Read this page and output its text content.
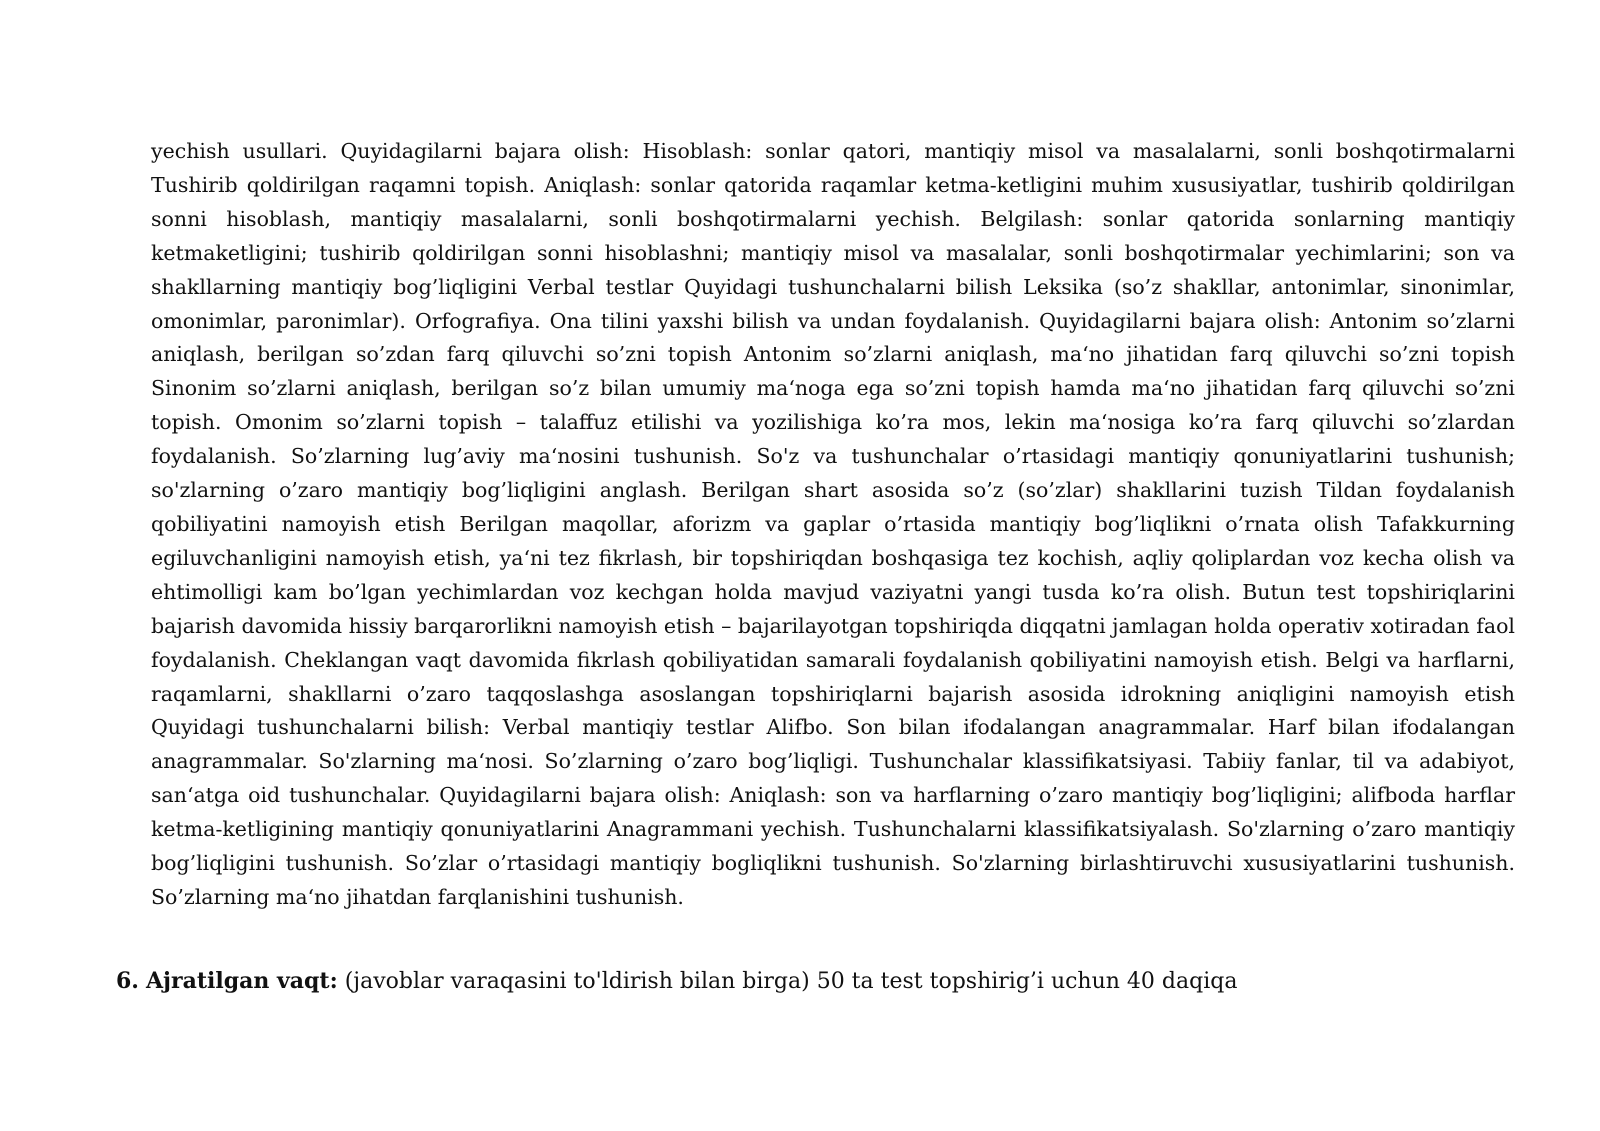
yechish usullari. Quyidagilarni bajara olish: Hisoblash: sonlar qatori, mantiqiy misol va masalalarni, sonli boshqotirmalarni Tushirib qoldirilgan raqamni topish. Aniqlash: sonlar qatorida raqamlar ketma-ketligini muhim xususiyatlar, tushirib qoldirilgan sonni hisoblash, mantiqiy masalalarni, sonli boshqotirmalarni yechish. Belgilash: sonlar qatorida sonlarning mantiqiy ketmaketligini; tushirib qoldirilgan sonni hisoblashni; mantiqiy misol va masalalar, sonli boshqotirmalar yechimlarini; son va shakllarning mantiqiy bog’liqligini Verbal testlar Quyidagi tushunchalarni bilish Leksika (so’z shakllar, antonimlar, sinonimlar, omonimlar, paronimlar). Orfografiya. Ona tilini yaxshi bilish va undan foydalanish. Quyidagilarni bajara olish: Antonim so’zlarni aniqlash, berilgan so’zdan farq qiluvchi so’zni topish Antonim so’zlarni aniqlash, ma‘no jihatidan farq qiluvchi so’zni topish Sinonim so’zlarni aniqlash, berilgan so’z bilan umumiy ma‘noga ega so’zni topish hamda ma‘no jihatidan farq qiluvchi so’zni topish. Omonim so’zlarni topish – talaffuz etilishi va yozilishiga ko’ra mos, lekin ma‘nosiga ko’ra farq qiluvchi so’zlardan foydalanish. So’zlarning lug’aviy ma‘nosini tushunish. So'z va tushunchalar o’rtasidagi mantiqiy qonuniyatlarini tushunish; so'zlarning o’zaro mantiqiy bog’liqligini anglash. Berilgan shart asosida so’z (so’zlar) shakllarini tuzish Tildan foydalanish qobiliyatini namoyish etish Berilgan maqollar, aforizm va gaplar o’rtasida mantiqiy bog’liqlikni o’rnata olish Tafakkurning egiluvchanligini namoyish etish, ya‘ni tez fikrlash, bir topshiriqdan boshqasiga tez kochish, aqliy qoliplardan voz kecha olish va ehtimolligi kam bo’lgan yechimlardan voz kechgan holda mavjud vaziyatni yangi tusda ko’ra olish. Butun test topshiriqlarini bajarish davomida hissiy barqarorlikni namoyish etish – bajarilayotgan topshiriqda diqqatni jamlagan holda operativ xotiradan faol foydalanish. Cheklangan vaqt davomida fikrlash qobiliyatidan samarali foydalanish qobiliyatini namoyish etish. Belgi va harflarni, raqamlarni, shakllarni o’zaro taqqoslashga asoslangan topshiriqlarni bajarish asosida idrokning aniqligini namoyish etish Quyidagi tushunchalarni bilish: Verbal mantiqiy testlar Alifbo. Son bilan ifodalangan anagrammalar. Harf bilan ifodalangan anagrammalar. So'zlarning ma‘nosi. So’zlarning o’zaro bog’liqligi. Tushunchalar klassifikatsiyasi. Tabiiy fanlar, til va adabiyot, san‘atga oid tushunchalar. Quyidagilarni bajara olish: Aniqlash: son va harflarning o’zaro mantiqiy bog’liqligini; alifboda harflar ketma-ketligining mantiqiy qonuniyatlarini Anagrammani yechish. Tushunchalarni klassifikatsiyalash. So'zlarning o’zaro mantiqiy bog’liqligini tushunish. So’zlar o’rtasidagi mantiqiy bogliqlikni tushunish. So'zlarning birlashtiruvchi xususiyatlarini tushunish. So’zlarning ma‘no jihatdan farqlanishini tushunish.

6. Ajratilgan vaqt: (javoblar varaqasini to'ldirish bilan birga) 50 ta test topshirig’i uchun 40 daqiqa
